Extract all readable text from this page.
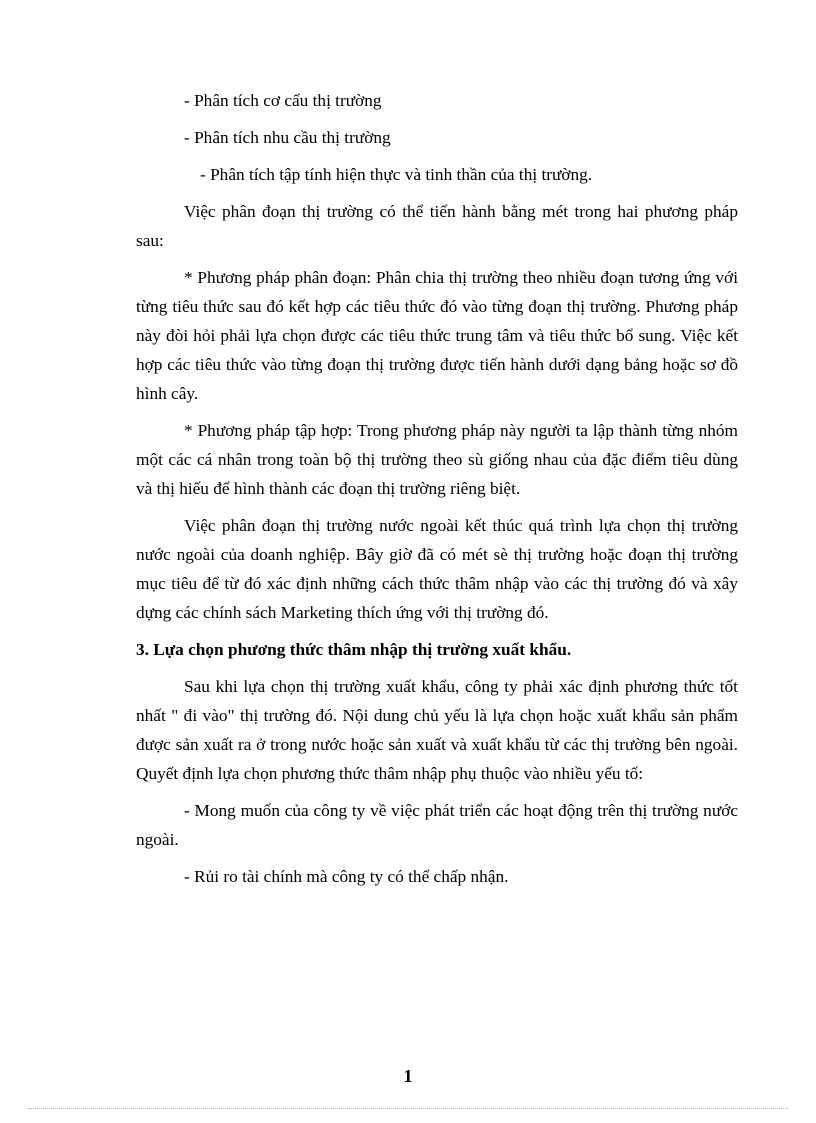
- Phân tích cơ cấu thị trường
- Phân tích nhu cầu thị trường
- Phân tích tập tính hiện thực và tinh thần của thị trường.

Việc phân đoạn thị trường có thể tiến hành bằng mét trong hai phương pháp sau:

* Phương pháp phân đoạn: Phân chia thị trường theo nhiều đoạn tương ứng với từng tiêu thức sau đó kết hợp các tiêu thức đó vào từng đoạn thị trường. Phương pháp này đòi hỏi phải lựa chọn được các tiêu thức trung tâm và tiêu thức bổ sung. Việc kết hợp các tiêu thức vào từng đoạn thị trường được tiến hành dưới dạng bảng hoặc sơ đồ hình cây.

* Phương pháp tập hợp: Trong phương pháp này người ta lập thành từng nhóm một các cá nhân trong toàn bộ thị trường theo sù giống nhau của đặc điểm tiêu dùng và thị hiếu để hình thành các đoạn thị trường riêng biệt.

Việc phân đoạn thị trường nước ngoài kết thúc quá trình lựa chọn thị trường nước ngoài của doanh nghiệp. Bây giờ đã có mét sè thị trường hoặc đoạn thị trường mục tiêu để từ đó xác định những cách thức thâm nhập vào các thị trường đó và xây dựng các chính sách Marketing thích ứng với thị trường đó.

3. Lựa chọn phương thức thâm nhập thị trường xuất khẩu.

Sau khi lựa chọn thị trường xuất khẩu, công ty phải xác định phương thức tốt nhất " đi vào" thị trường đó. Nội dung chủ yếu là lựa chọn hoặc xuất khẩu sản phẩm được sản xuất ra ở trong nước hoặc sản xuất và xuất khẩu từ các thị trường bên ngoài. Quyết định lựa chọn phương thức thâm nhập phụ thuộc vào nhiều yếu tố:

- Mong muốn của công ty về việc phát triển các hoạt động trên thị trường nước ngoài.

- Rủi ro tài chính mà công ty có thể chấp nhận.

1
